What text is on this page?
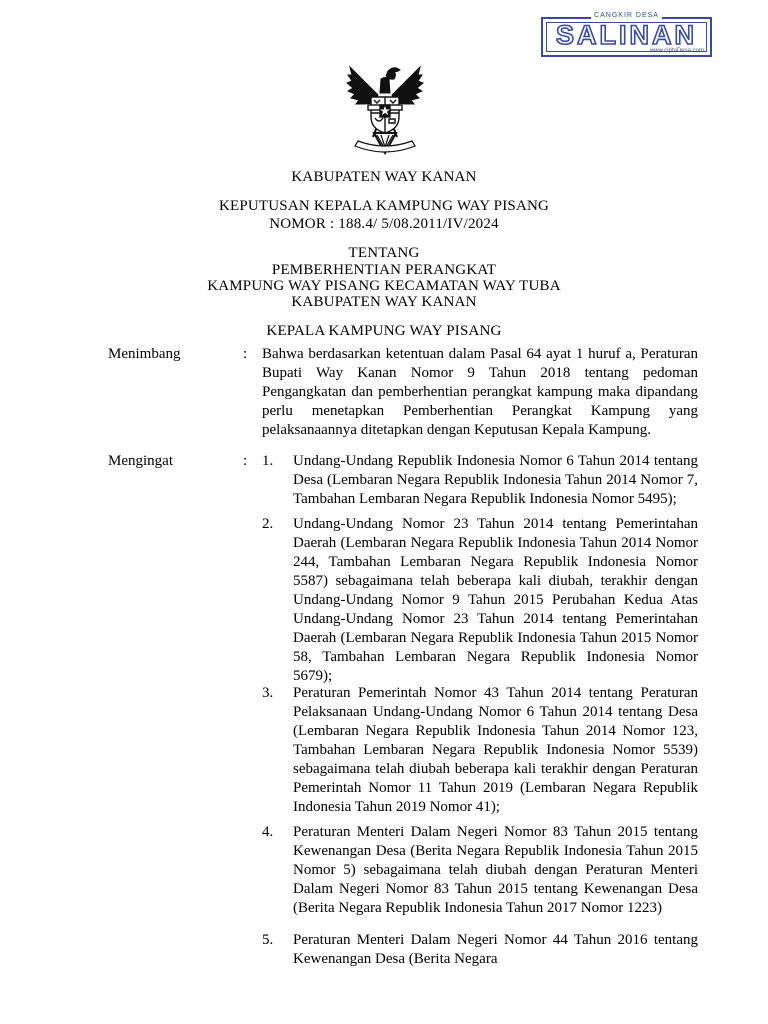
CANGKIR DESA
SALINAN
www.ciptaDesa.com
KABUPATEN WAY KANAN
KEPUTUSAN KEPALA KAMPUNG WAY PISANG
NOMOR : 188.4/ 5/08.2011/IV/2024
TENTANG
PEMBERHENTIAN PERANGKAT
KAMPUNG WAY PISANG KECAMATAN WAY TUBA
KABUPATEN WAY KANAN
KEPALA KAMPUNG WAY PISANG
Menimbang	: Bahwa berdasarkan ketentuan dalam Pasal 64 ayat 1 huruf a, Peraturan Bupati Way Kanan Nomor 9 Tahun 2018 tentang pedoman Pengangkatan dan pemberhentian perangkat kampung maka dipandang perlu menetapkan Pemberhentian Perangkat Kampung yang pelaksanaannya ditetapkan dengan Keputusan Kepala Kampung.
Mengingat	: 1. Undang-Undang Republik Indonesia Nomor 6 Tahun 2014 tentang Desa (Lembaran Negara Republik Indonesia Tahun 2014 Nomor 7, Tambahan Lembaran Negara Republik Indonesia Nomor 5495);
2. Undang-Undang Nomor 23 Tahun 2014 tentang Pemerintahan Daerah (Lembaran Negara Republik Indonesia Tahun 2014 Nomor 244, Tambahan Lembaran Negara Republik Indonesia Nomor 5587) sebagaimana telah beberapa kali diubah, terakhir dengan Undang-Undang Nomor 9 Tahun 2015 Perubahan Kedua Atas Undang-Undang Nomor 23 Tahun 2014 tentang Pemerintahan Daerah (Lembaran Negara Republik Indonesia Tahun 2015 Nomor 58, Tambahan Lembaran Negara Republik Indonesia Nomor 5679);
3. Peraturan Pemerintah Nomor 43 Tahun 2014 tentang Peraturan Pelaksanaan Undang-Undang Nomor 6 Tahun 2014 tentang Desa (Lembaran Negara Republik Indonesia Tahun 2014 Nomor 123, Tambahan Lembaran Negara Republik Indonesia Nomor 5539) sebagaimana telah diubah beberapa kali terakhir dengan Peraturan Pemerintah Nomor 11 Tahun 2019 (Lembaran Negara Republik Indonesia Tahun 2019 Nomor 41);
4. Peraturan Menteri Dalam Negeri Nomor 83 Tahun 2015 tentang Kewenangan Desa (Berita Negara Republik Indonesia Tahun 2015 Nomor 5) sebagaimana telah diubah dengan Peraturan Menteri Dalam Negeri Nomor 83 Tahun 2015 tentang Kewenangan Desa (Berita Negara Republik Indonesia Tahun 2017 Nomor 1223)
5. Peraturan Menteri Dalam Negeri Nomor 44 Tahun 2016 tentang Kewenangan Desa (Berita Negara
